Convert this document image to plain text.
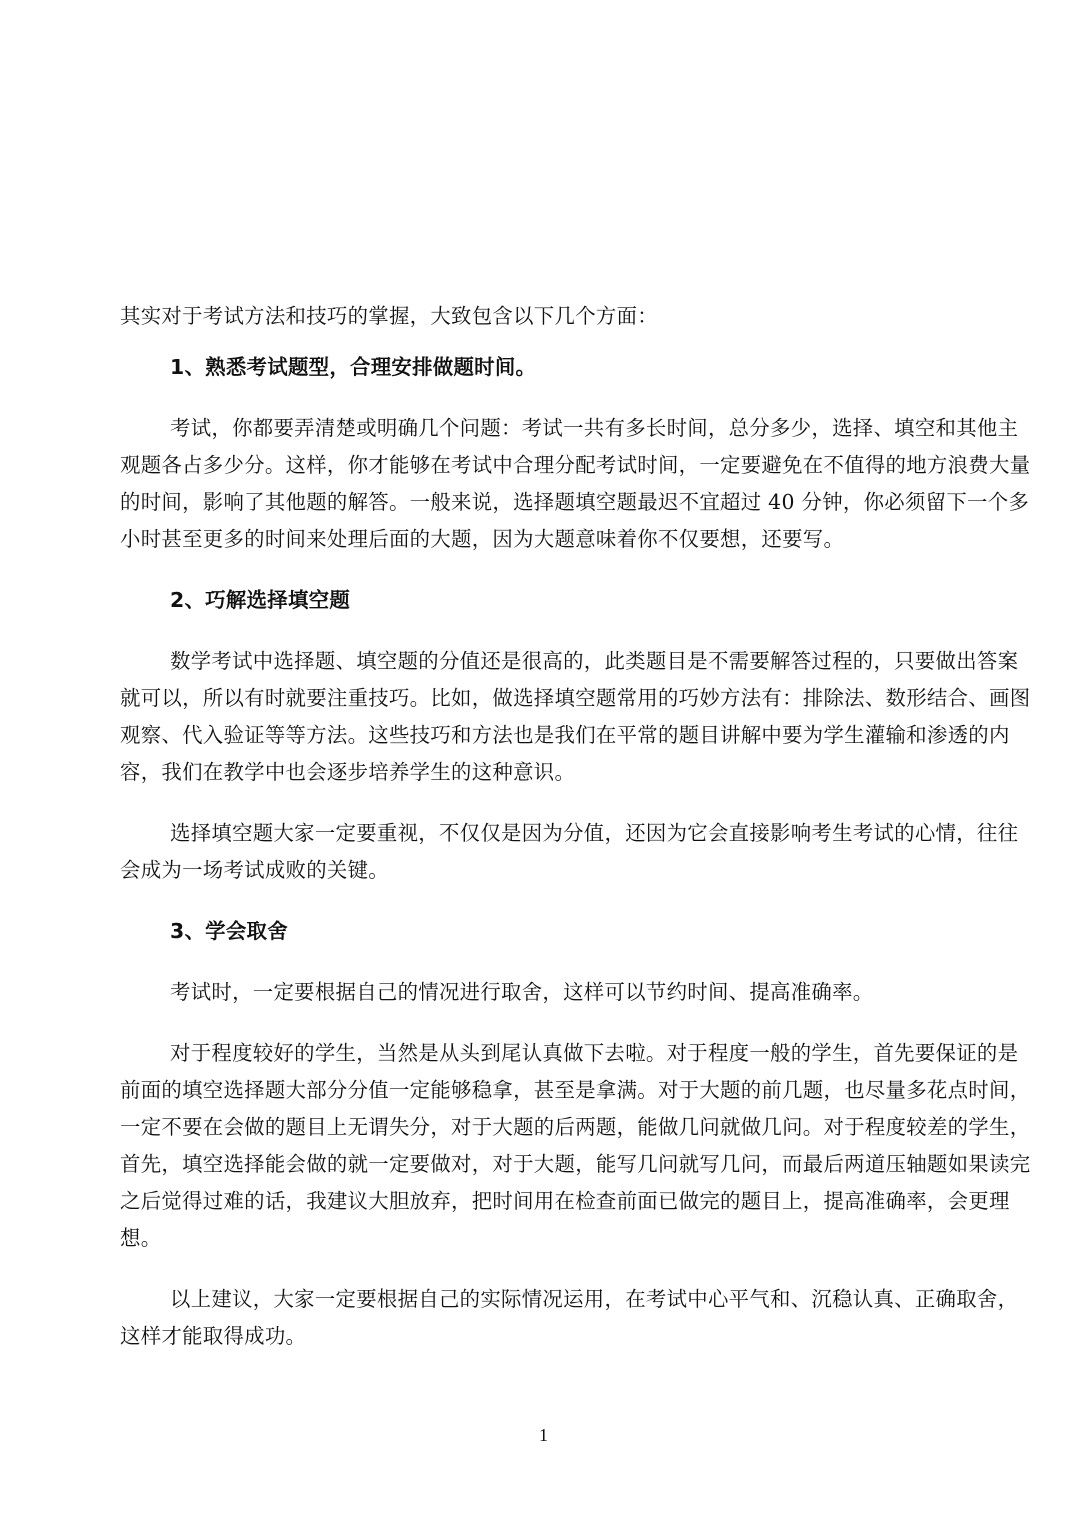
其实对于考试方法和技巧的掌握，大致包含以下几个方面：

1、熟悉考试题型，合理安排做题时间。

考试，你都要弄清楚或明确几个问题：考试一共有多长时间，总分多少，选择、填空和其他主观题各占多少分。这样，你才能够在考试中合理分配考试时间，一定要避免在不值得的地方浪费大量的时间，影响了其他题的解答。一般来说，选择题填空题最迟不宜超过 40 分钟，你必须留下一个多小时甚至更多的时间来处理后面的大题，因为大题意味着你不仅要想，还要写。

2、巧解选择填空题

数学考试中选择题、填空题的分值还是很高的，此类题目是不需要解答过程的，只要做出答案就可以，所以有时就要注重技巧。比如，做选择填空题常用的巧妙方法有：排除法、数形结合、画图观察、代入验证等等方法。这些技巧和方法也是我们在平常的题目讲解中要为学生灌输和渗透的内容，我们在教学中也会逐步培养学生的这种意识。

选择填空题大家一定要重视，不仅仅是因为分值，还因为它会直接影响考生考试的心情，往往会成为一场考试成败的关键。

3、学会取舍

考试时，一定要根据自己的情况进行取舍，这样可以节约时间、提高准确率。

对于程度较好的学生，当然是从头到尾认真做下去啦。对于程度一般的学生，首先要保证的是前面的填空选择题大部分分值一定能够稳拿，甚至是拿满。对于大题的前几题，也尽量多花点时间，一定不要在会做的题目上无谓失分，对于大题的后两题，能做几问就做几问。对于程度较差的学生，首先，填空选择能会做的就一定要做对，对于大题，能写几问就写几问，而最后两道压轴题如果读完之后觉得过难的话，我建议大胆放弃，把时间用在检查前面已做完的题目上，提高准确率，会更理想。

以上建议，大家一定要根据自己的实际情况运用，在考试中心平气和、沉稳认真、正确取舍，这样才能取得成功。

1
